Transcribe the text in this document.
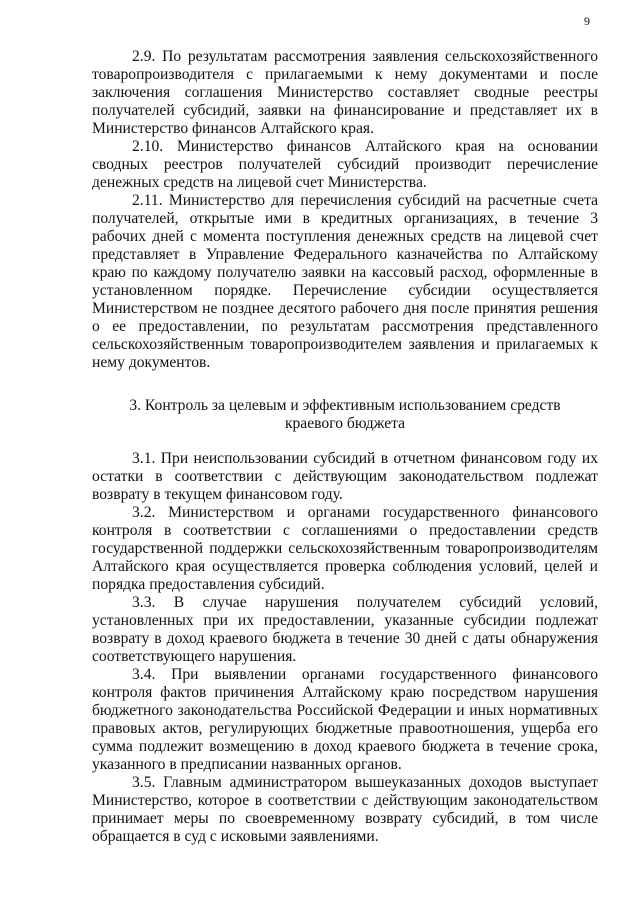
9

2.9. По результатам рассмотрения заявления сельскохозяйственного товаропроизводителя с прилагаемыми к нему документами и после заключения соглашения Министерство составляет сводные реестры получателей субсидий, заявки на финансирование и представляет их в Министерство финансов Алтайского края.

2.10. Министерство финансов Алтайского края на основании сводных реестров получателей субсидий производит перечисление денежных средств на лицевой счет Министерства.

2.11. Министерство для перечисления субсидий на расчетные счета получателей, открытые ими в кредитных организациях, в течение 3 рабочих дней с момента поступления денежных средств на лицевой счет представляет в Управление Федерального казначейства по Алтайскому краю по каждому получателю заявки на кассовый расход, оформленные в установленном порядке. Перечисление субсидии осуществляется Министерством не позднее десятого рабочего дня после принятия решения о ее предоставлении, по результатам рассмотрения представленного сельскохозяйственным товаропроизводителем заявления и прилагаемых к нему документов.

3. Контроль за целевым и эффективным использованием средств краевого бюджета

3.1. При неиспользовании субсидий в отчетном финансовом году их остатки в соответствии с действующим законодательством подлежат возврату в текущем финансовом году.

3.2. Министерством и органами государственного финансового контроля в соответствии с соглашениями о предоставлении средств государственной поддержки сельскохозяйственным товаропроизводителям Алтайского края осуществляется проверка соблюдения условий, целей и порядка предоставления субсидий.

3.3. В случае нарушения получателем субсидий условий, установленных при их предоставлении, указанные субсидии подлежат возврату в доход краевого бюджета в течение 30 дней с даты обнаружения соответствующего нарушения.

3.4. При выявлении органами государственного финансового контроля фактов причинения Алтайскому краю посредством нарушения бюджетного законодательства Российской Федерации и иных нормативных правовых актов, регулирующих бюджетные правоотношения, ущерба его сумма подлежит возмещению в доход краевого бюджета в течение срока, указанного в предписании названных органов.

3.5. Главным администратором вышеуказанных доходов выступает Министерство, которое в соответствии с действующим законодательством принимает меры по своевременному возврату субсидий, в том числе обращается в суд с исковыми заявлениями.
